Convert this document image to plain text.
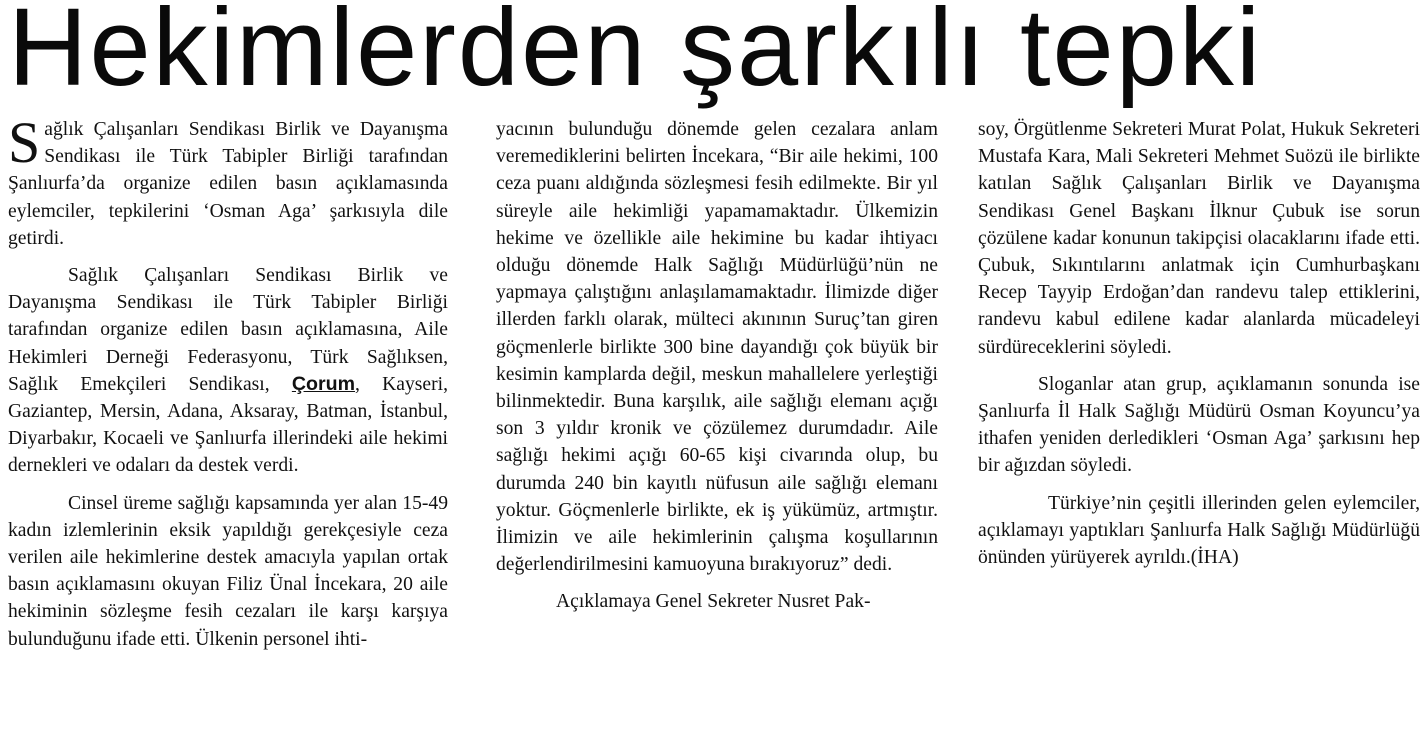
Hekimlerden şarkılı tepki

Sağlık Çalışanları Sendikası Birlik ve Dayanışma Sendikası ile Türk Tabipler Birliği tarafından Şanlıurfa’da organize edilen basın açıklamasında eylemciler, tepkilerini ‘Osman Aga’ şarkısıyla dile getirdi.

Sağlık Çalışanları Sendikası Birlik ve Dayanışma Sendikası ile Türk Tabipler Birliği tarafından organize edilen basın açıklamasına, Aile Hekimleri Derneği Federasyonu, Türk Sağlıksen, Sağlık Emekçileri Sendikası, Çorum, Kayseri, Gaziantep, Mersin, Adana, Aksaray, Batman, İstanbul, Diyarbakır, Kocaeli ve Şanlıurfa illerindeki aile hekimi dernekleri ve odaları da destek verdi.

Cinsel üreme sağlığı kapsamında yer alan 15-49 kadın izlemlerinin eksik yapıldığı gerekçesiyle ceza verilen aile hekimlerine destek amacıyla yapılan ortak basın açıklamasını okuyan Filiz Ünal İncekara, 20 aile hekiminin sözleşme fesih cezaları ile karşı karşıya bulunduğunu ifade etti. Ülkenin personel ihti-

yacının bulunduğu dönemde gelen cezalara anlam veremediklerini belirten İncekara, “Bir aile hekimi, 100 ceza puanı aldığında sözleşmesi fesih edilmekte. Bir yıl süreyle aile hekimliği yapamamaktadır. Ülkemizin hekime ve özellikle aile hekimine bu kadar ihtiyacı olduğu dönemde Halk Sağlığı Müdürlüğü’nün ne yapmaya çalıştığını anlaşılamamaktadır. İlimizde diğer illerden farklı olarak, mülteci akınının Suruç’tan giren göçmenlerle birlikte 300 bine dayandığı çok büyük bir kesimin kamplarda değil, meskun mahallelere yerleştiği bilinmektedir. Buna karşılık, aile sağlığı elemanı açığı son 3 yıldır kronik ve çözülemez durumdadır. Aile sağlığı hekimi açığı 60-65 kişi civarında olup, bu durumda 240 bin kayıtlı nüfusun aile sağlığı elemanı yoktur. Göçmenlerle birlikte, ek iş yükümüz, artmıştır. İlimizin ve aile hekimlerinin çalışma koşullarının değerlendirilmesini kamuoyuna bırakıyoruz” dedi.

Açıklamaya Genel Sekreter Nusret Pak-

soy, Örgütlenme Sekreteri Murat Polat, Hukuk Sekreteri Mustafa Kara, Mali Sekreteri Mehmet Suözü ile birlikte katılan Sağlık Çalışanları Birlik ve Dayanışma Sendikası Genel Başkanı İlknur Çubuk ise sorun çözülene kadar konunun takipçisi olacaklarını ifade etti. Çubuk, Sıkıntılarını anlatmak için Cumhurbaşkanı Recep Tayyip Erdoğan’dan randevu talep ettiklerini, randevu kabul edilene kadar alanlarda mücadeleyi sürdüreceklerini söyledi.

Sloganlar atan grup, açıklamanın sonunda ise Şanlıurfa İl Halk Sağlığı Müdürü Osman Koyuncu’ya ithafen yeniden derledikleri ‘Osman Aga’ şarkısını hep bir ağızdan söyledi.

Türkiye’nin çeşitli illerinden gelen eylemciler, açıklamayı yaptıkları Şanlıurfa Halk Sağlığı Müdürlüğü önünden yürüyerek ayrıldı.(İHA)
